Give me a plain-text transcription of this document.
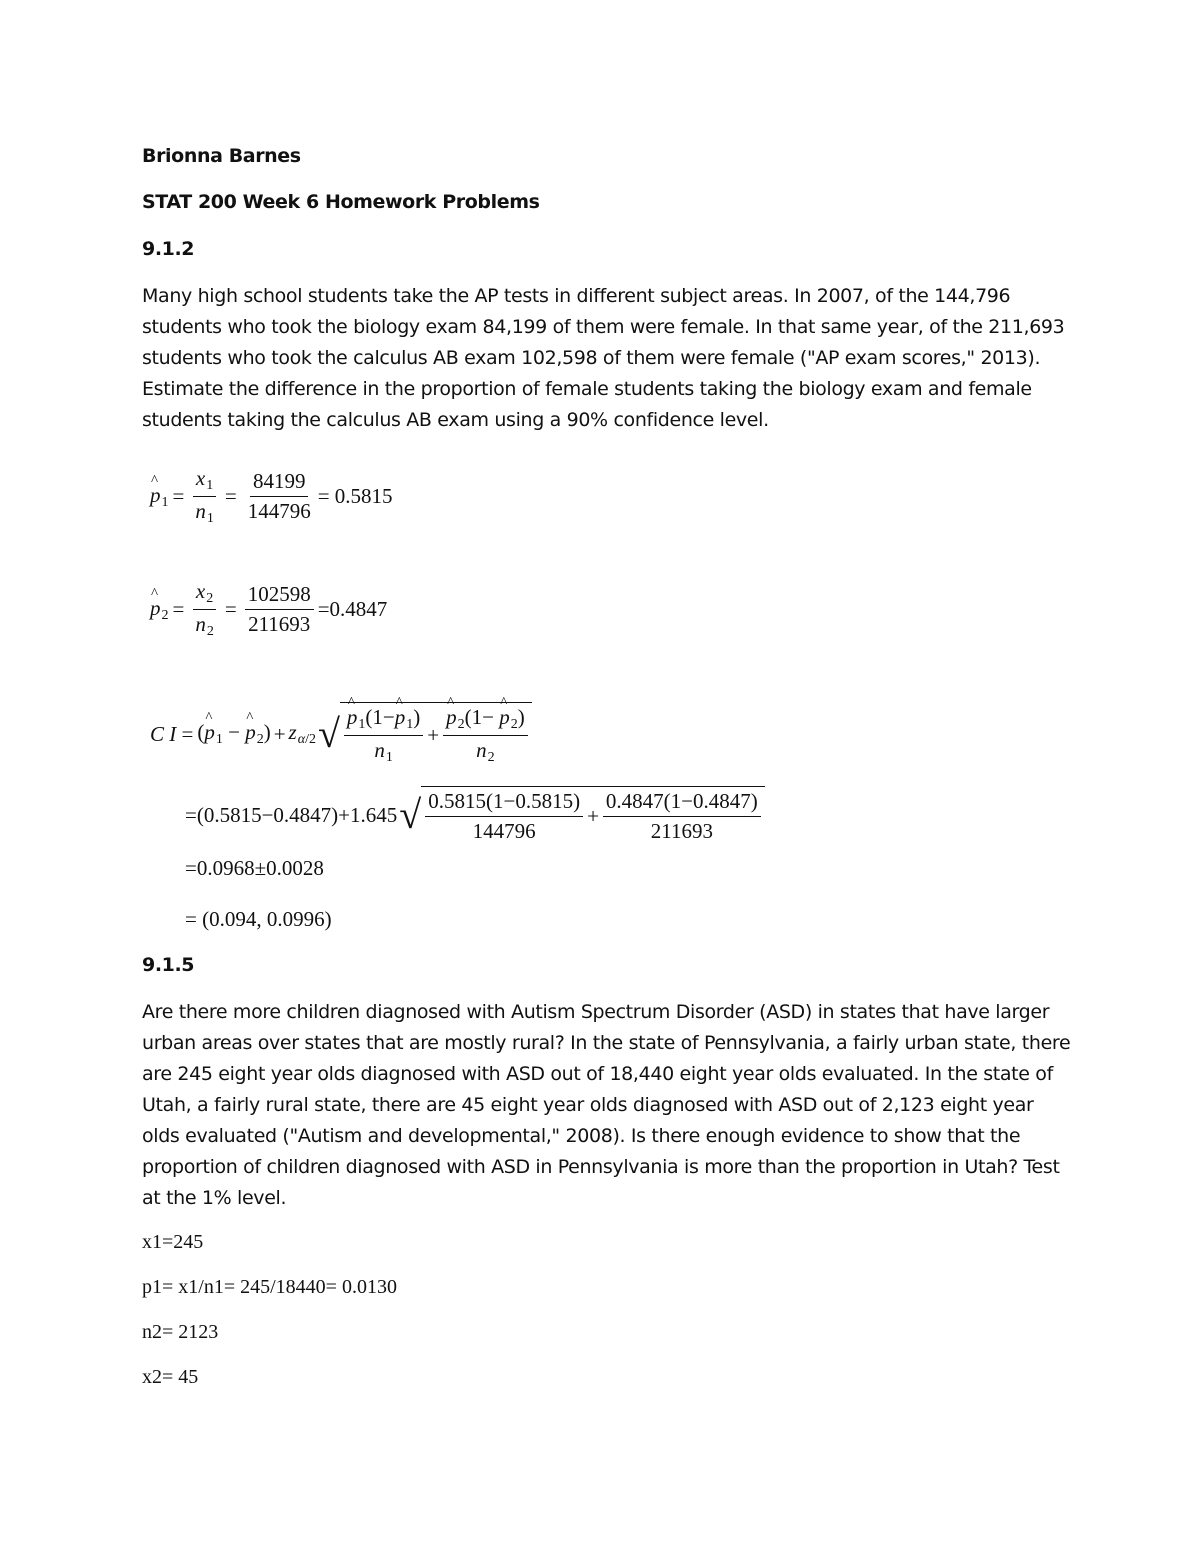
Brionna Barnes
STAT 200 Week 6 Homework Problems
9.1.2
Many high school students take the AP tests in different subject areas. In 2007, of the 144,796 students who took the biology exam 84,199 of them were female. In that same year, of the 211,693 students who took the calculus AB exam 102,598 of them were female ("AP exam scores," 2013). Estimate the difference in the proportion of female students taking the biology exam and female students taking the calculus AB exam using a 90% confidence level.
^ $p_1 = \frac{x_1}{n_1} = \frac{84199}{144796} = 0.5815$
^ $p_2 = \frac{x_2}{n_2} = \frac{102598}{211693} =0.4847$
C I = (^ $p_1$ − ^ $p_2) + z_{\alpha/2}$ √ ^ $\frac{p_1(1-\^{} p_1)}{n_1}$ + ^ $\frac{p_2(1- \^{} p_2)}{n_2}$
= (0.5815−0.4847)+1.645 √ $\frac{0.5815(1-0.5815)}{144796} + \frac{0.4847(1-0.4847)}{211693}$
=0.0968±0.0028
= (0.094, 0.0996)
9.1.5
Are there more children diagnosed with Autism Spectrum Disorder (ASD) in states that have larger urban areas over states that are mostly rural? In the state of Pennsylvania, a fairly urban state, there are 245 eight year olds diagnosed with ASD out of 18,440 eight year olds evaluated. In the state of Utah, a fairly rural state, there are 45 eight year olds diagnosed with ASD out of 2,123 eight year olds evaluated ("Autism and developmental," 2008). Is there enough evidence to show that the proportion of children diagnosed with ASD in Pennsylvania is more than the proportion in Utah? Test at the 1% level.
x1=245
p1= x1/n1= 245/18440= 0.0130
n2= 2123
x2= 45
